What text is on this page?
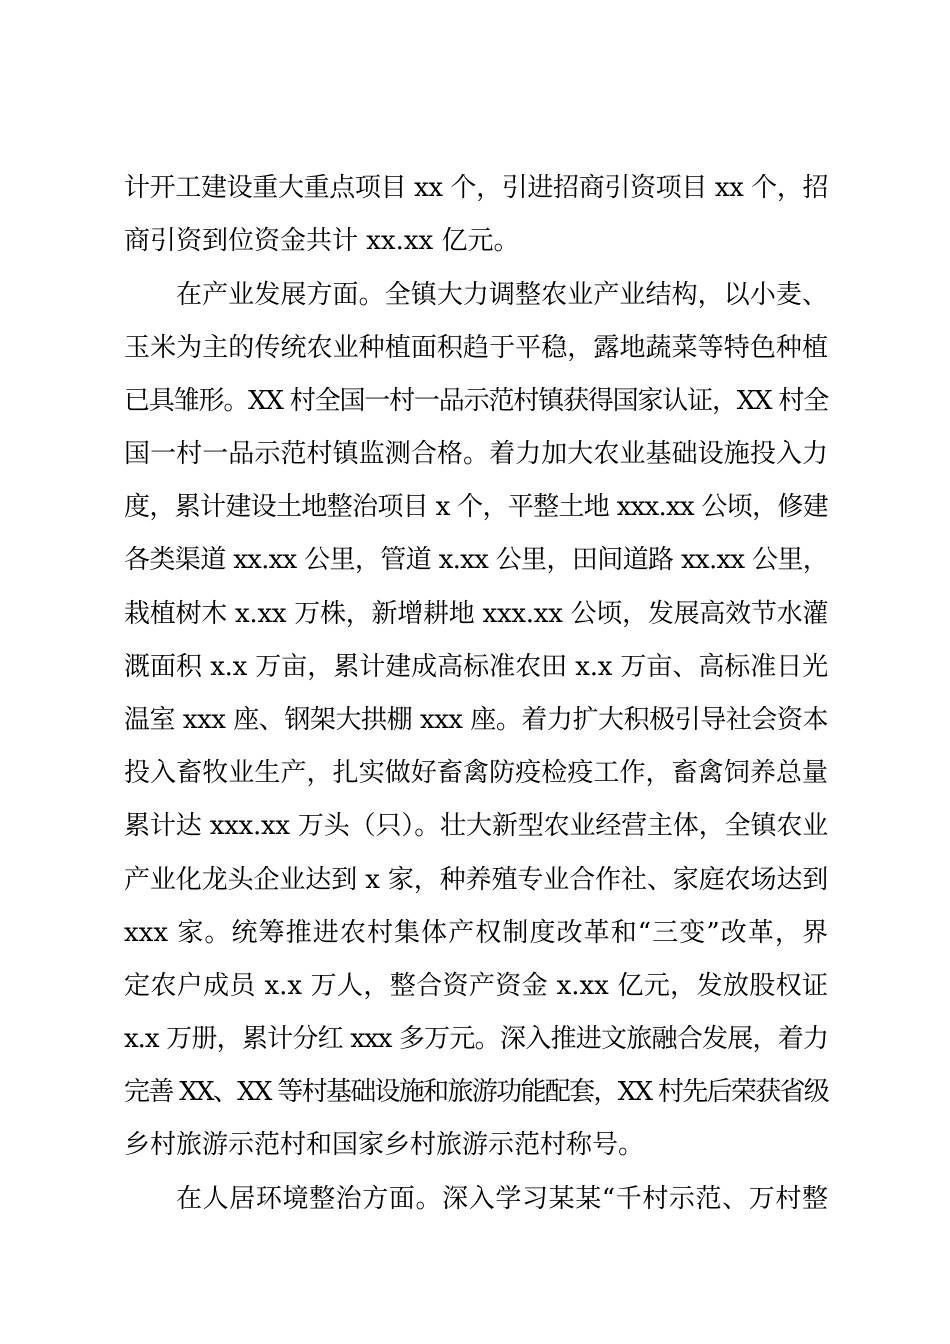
计开工建设重大重点项目 xx 个，引进招商引资项目 xx 个，招
商引资到位资金共计 xx.xx 亿元。
在产业发展方面。全镇大力调整农业产业结构，以小麦、
玉米为主的传统农业种植面积趋于平稳，露地蔬菜等特色种植
已具雏形。XX 村全国一村一品示范村镇获得国家认证，XX 村全
国一村一品示范村镇监测合格。着力加大农业基础设施投入力
度，累计建设土地整治项目 x 个，平整土地 xxx.xx 公顷，修建
各类渠道 xx.xx 公里，管道 x.xx 公里，田间道路 xx.xx 公里，
栽植树木 x.xx 万株，新增耕地 xxx.xx 公顷，发展高效节水灌
溉面积 x.x 万亩，累计建成高标准农田 x.x 万亩、高标准日光
温室 xxx 座、钢架大拱棚 xxx 座。着力扩大积极引导社会资本
投入畜牧业生产，扎实做好畜禽防疫检疫工作，畜禽饲养总量
累计达 xxx.xx 万头（只）。壮大新型农业经营主体，全镇农业
产业化龙头企业达到 x 家，种养殖专业合作社、家庭农场达到
xxx 家。统筹推进农村集体产权制度改革和“三变”改革，界
定农户成员 x.x 万人，整合资产资金 x.xx 亿元，发放股权证
x.x 万册，累计分红 xxx 多万元。深入推进文旅融合发展，着力
完善 XX、XX 等村基础设施和旅游功能配套，XX 村先后荣获省级
乡村旅游示范村和国家乡村旅游示范村称号。
在人居环境整治方面。深入学习某某“千村示范、万村整
